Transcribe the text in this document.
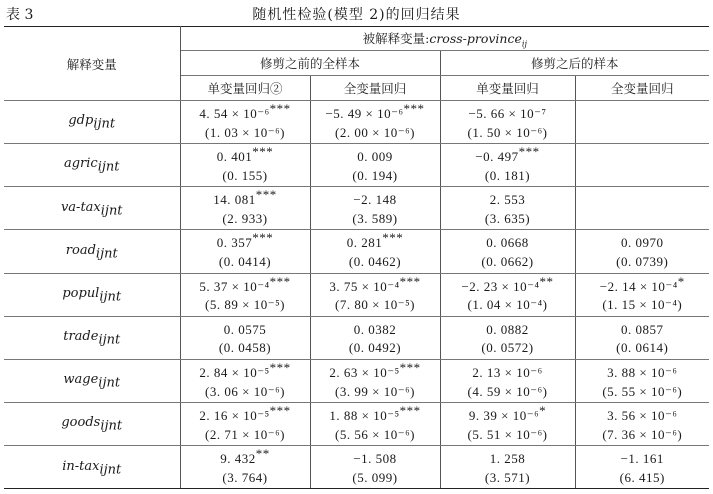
表 3	随机性检验(模型 2)的回归结果
解释变量	被解释变量:cross-province$_{ij}$
	修剪之前的全样本		修剪之后的样本	
	单变量回归②	全变量回归	单变量回归	全变量回归
gdp$_{ijnt}$	4. 54 × 10⁻⁶***	−5. 49 × 10⁻⁶***	−5. 66 × 10⁻⁷	
	(1. 03 × 10⁻⁶)	(2. 00 × 10⁻⁶)	(1. 50 × 10⁻⁶)	
agric$_{ijnt}$	0. 401***	0. 009	−0. 497***	
	(0. 155)	(0. 194)	(0. 181)	
va-tax$_{ijnt}$	14. 081***	−2. 148	2. 553	
	(2. 933)	(3. 589)	(3. 635)	
road$_{ijnt}$	0. 357***	0. 281***	0. 0668	0. 0970
	(0. 0414)	(0. 0462)	(0. 0662)	(0. 0739)
popul$_{ijnt}$	5. 37 × 10⁻⁴***	3. 75 × 10⁻⁴***	−2. 23 × 10⁻⁴**	−2. 14 × 10⁻⁴*
	(5. 89 × 10⁻⁵)	(7. 80 × 10⁻⁵)	(1. 04 × 10⁻⁴)	(1. 15 × 10⁻⁴)
trade$_{ijnt}$	0. 0575	0. 0382	0. 0882	0. 0857
	(0. 0458)	(0. 0492)	(0. 0572)	(0. 0614)
wage$_{ijnt}$	2. 84 × 10⁻⁵***	2. 63 × 10⁻⁵***	2. 13 × 10⁻⁶	3. 88 × 10⁻⁶
	(3. 06 × 10⁻⁶)	(3. 99 × 10⁻⁶)	(4. 59 × 10⁻⁶)	(5. 55 × 10⁻⁶)
goods$_{ijnt}$	2. 16 × 10⁻⁵***	1. 88 × 10⁻⁵***	9. 39 × 10⁻⁶*	3. 56 × 10⁻⁶
	(2. 71 × 10⁻⁶)	(5. 56 × 10⁻⁶)	(5. 51 × 10⁻⁶)	(7. 36 × 10⁻⁶)
in-tax$_{ijnt}$	9. 432**	−1. 508	1. 258	−1. 161
	(3. 764)	(5. 099)	(3. 571)	(6. 415)
